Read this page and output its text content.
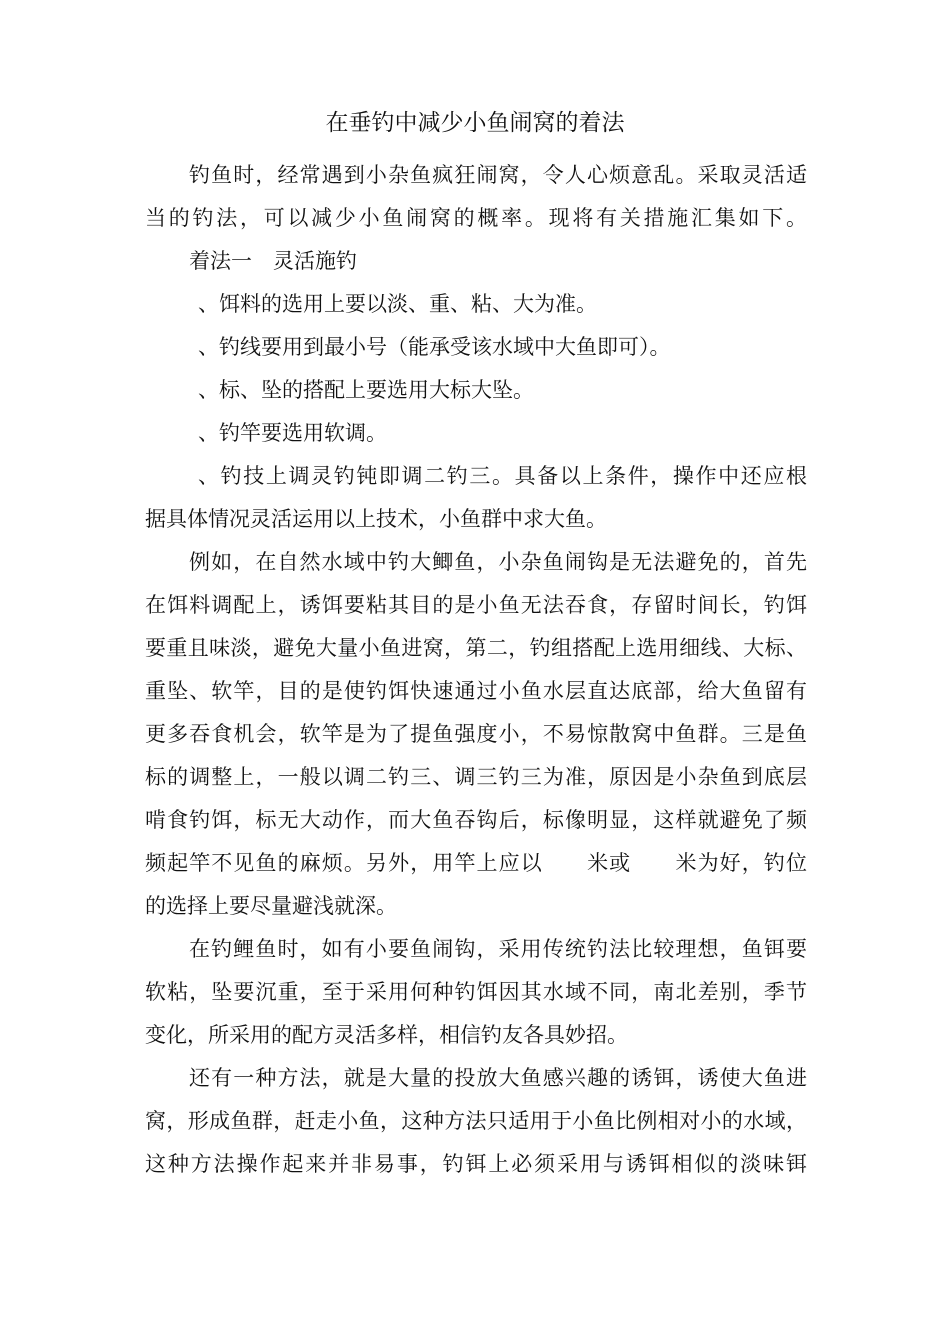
在垂钓中减少小鱼闹窝的着法
钓鱼时，经常遇到小杂鱼疯狂闹窝，令人心烦意乱。采取灵活适
当的钓法，可以减少小鱼闹窝的概率。现将有关措施汇集如下。
着法一　灵活施钓
、饵料的选用上要以淡、重、粘、大为准。
、钓线要用到最小号（能承受该水域中大鱼即可）。
、标、坠的搭配上要选用大标大坠。
、钓竿要选用软调。
、钓技上调灵钓钝即调二钓三。具备以上条件，操作中还应根
据具体情况灵活运用以上技术，小鱼群中求大鱼。
例如，在自然水域中钓大鲫鱼，小杂鱼闹钩是无法避免的，首先
在饵料调配上，诱饵要粘其目的是小鱼无法吞食，存留时间长，钓饵
要重且味淡，避免大量小鱼进窝，第二，钓组搭配上选用细线、大标、
重坠、软竿，目的是使钓饵快速通过小鱼水层直达底部，给大鱼留有
更多吞食机会，软竿是为了提鱼强度小，不易惊散窝中鱼群。三是鱼
标的调整上，一般以调二钓三、调三钓三为准，原因是小杂鱼到底层
啃食钓饵，标无大动作，而大鱼吞钩后，标像明显，这样就避免了频
频起竿不见鱼的麻烦。另外，用竿上应以　　米或　　米为好，钓位
的选择上要尽量避浅就深。
在钓鲤鱼时，如有小要鱼闹钩，采用传统钓法比较理想，鱼铒要
软粘，坠要沉重，至于采用何种钓饵因其水域不同，南北差别，季节
变化，所采用的配方灵活多样，相信钓友各具妙招。
还有一种方法，就是大量的投放大鱼感兴趣的诱铒，诱使大鱼进
窝，形成鱼群，赶走小鱼，这种方法只适用于小鱼比例相对小的水域，
这种方法操作起来并非易事，钓铒上必须采用与诱铒相似的淡味铒
